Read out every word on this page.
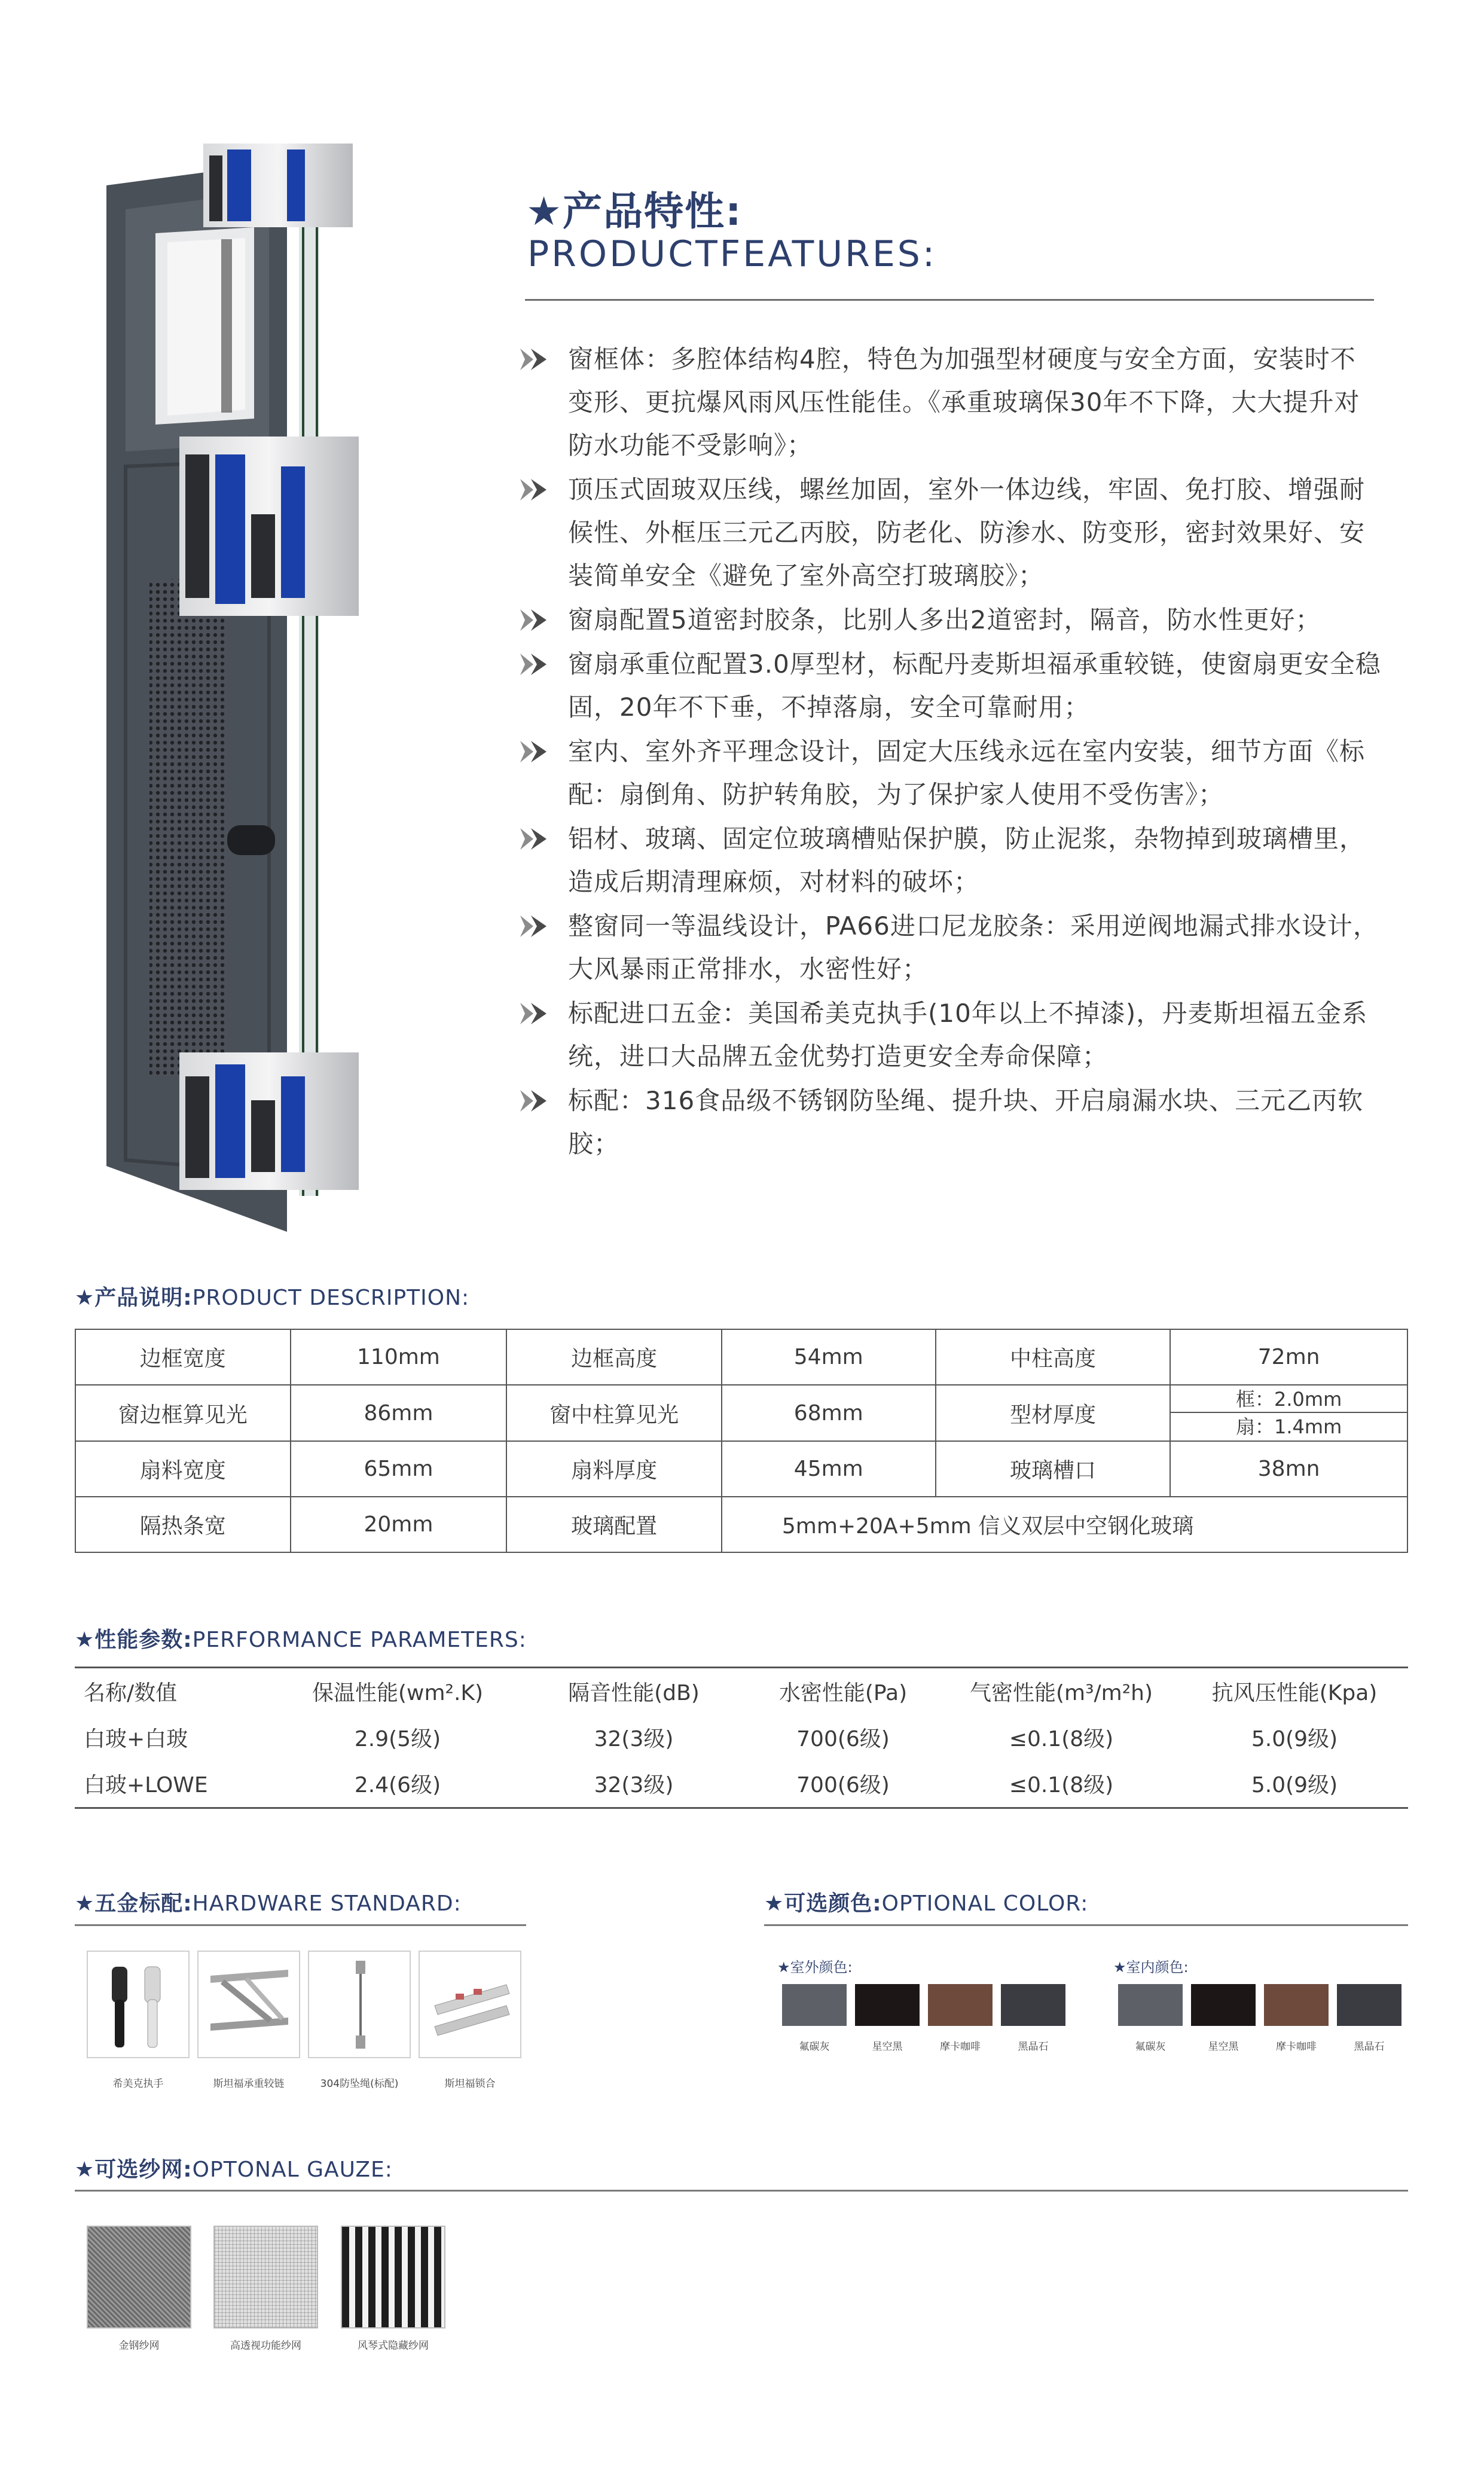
★产品特性:
PRODUCTFEATURES:
窗框体：多腔体结构4腔，特色为加强型材硬度与安全方面，安装时不变形、更抗爆风雨风压性能佳。《承重玻璃保30年不下降，大大提升对防水功能不受影响》；
顶压式固玻双压线，螺丝加固，室外一体边线，牢固、免打胶、增强耐候性、外框压三元乙丙胶，防老化、防渗水、防变形，密封效果好、安装简单安全《避免了室外高空打玻璃胶》；
窗扇配置5道密封胶条，比别人多出2道密封，隔音，防水性更好；
窗扇承重位配置3.0厚型材，标配丹麦斯坦福承重较链，使窗扇更安全稳固，20年不下垂，不掉落扇，安全可靠耐用；
室内、室外齐平理念设计，固定大压线永远在室内安装，细节方面《标配：扇倒角、防护转角胶，为了保护家人使用不受伤害》；
铝材、玻璃、固定位玻璃槽贴保护膜，防止泥浆，杂物掉到玻璃槽里，造成后期清理麻烦，对材料的破坏；
整窗同一等温线设计，PA66进口尼龙胶条：采用逆阀地漏式排水设计，大风暴雨正常排水，水密性好；
标配进口五金：美国希美克执手(10年以上不掉漆)，丹麦斯坦福五金系统，进口大品牌五金优势打造更安全寿命保障；
标配：316食品级不锈钢防坠绳、提升块、开启扇漏水块、三元乙丙软胶；
★产品说明:PRODUCT DESCRIPTION:
边框宽度	110mm	边框高度	54mm	中柱高度	72mn
窗边框算见光	86mm	窗中柱算见光	68mm	型材厚度	框：2.0mm
扇：1.4mm

扇料宽度	65mm	扇料厚度	45mm	玻璃槽口	38mn
隔热条宽	20mm	玻璃配置	5mm+20A+5mm 信义双层中空钢化玻璃		
★性能参数:PERFORMANCE PARAMETERS:
名称/数值	保温性能(wm².K)	隔音性能(dB)	水密性能(Pa)	气密性能(m³/m²h)	抗风压性能(Kpa)
白玻+白玻	2.9(5级)	32(3级)	700(6级)	≤0.1(8级)	5.0(9级)
白玻+LOWE	2.4(6级)	32(3级)	700(6级)	≤0.1(8级)	5.0(9级)
★五金标配:HARDWARE STANDARD:
希美克执手	斯坦福承重较链	304防坠绳(标配)	斯坦福锁合
★可选颜色:OPTIONAL COLOR:
★室外颜色:	★室内颜色:
氟碳灰	星空黑	摩卡咖啡	黑晶石	氟碳灰	星空黑	摩卡咖啡	黑晶石
★可选纱网:OPTONAL GAUZE:
金钢纱网	高透视功能纱网	风琴式隐藏纱网
